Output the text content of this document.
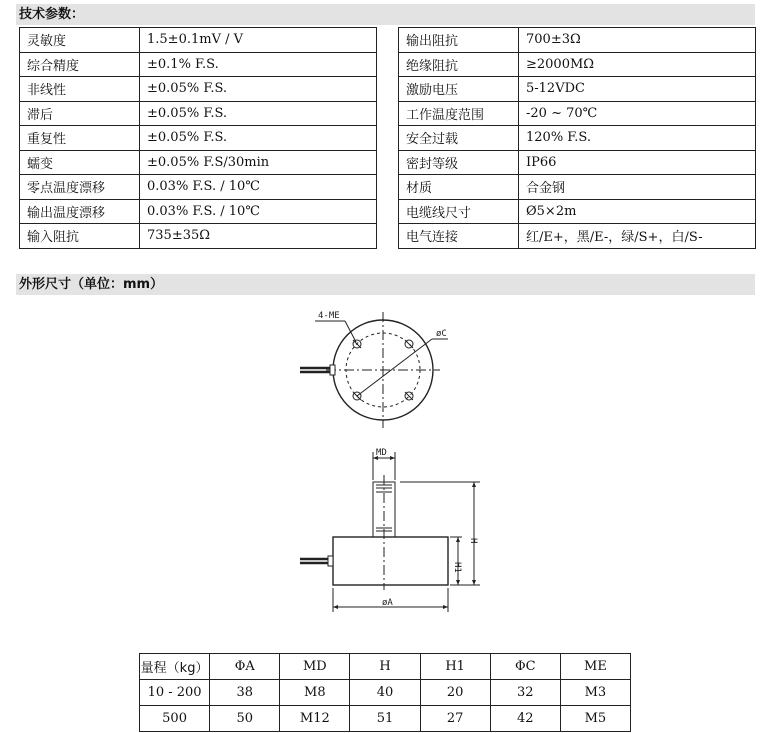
技术参数：
灵敏度	1.5±0.1mV / V		输出阻抗	700±3Ω
综合精度	±0.1% F.S.		绝缘阻抗	≥2000MΩ
非线性	±0.05% F.S.		激励电压	5-12VDC
滞后	±0.05% F.S.		工作温度范围	-20 ~ 70℃
重复性	±0.05% F.S.		安全过载	120% F.S.
蠕变	±0.05% F.S/30min		密封等级	IP66
零点温度漂移	0.03% F.S. / 10℃		材质	合金钢
输出温度漂移	0.03% F.S. / 10℃		电缆线尺寸	Ø5×2m
输入阻抗	735±35Ω		电气连接	红/E+，黑/E-，绿/S+，白/S-
外形尺寸（单位：mm）
4-ME
øC
MD
øA
H
H1
量程（kg）	ΦA	MD	H	H1	ΦC	ME
10 - 200	38	M8	40	20	32	M3
500	50	M12	51	27	42	M5
